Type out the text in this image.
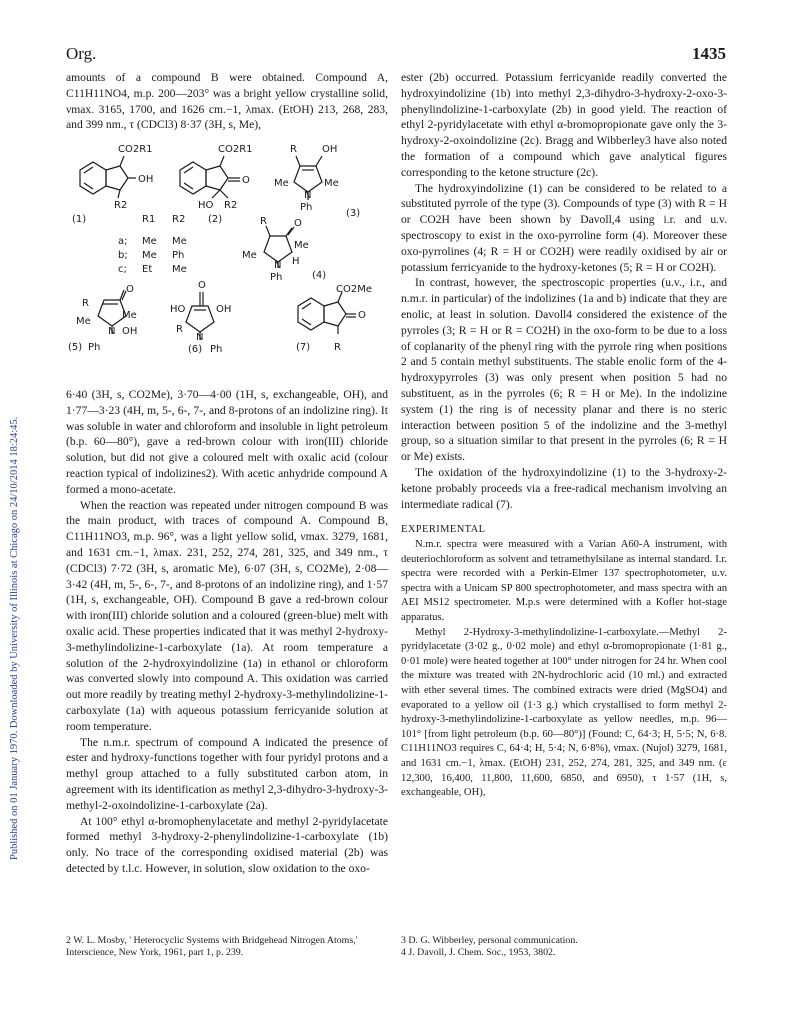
Org.	1435
Published on 01 January 1970. Downloaded by University of Illinois at Chicago on 24/10/2014 18:24:45.

amounts of a compound B were obtained. Compound A, C11H11NO4, m.p. 200—203° was a bright yellow crystalline solid, νmax. 3165, 1700, and 1626 cm.−1, λmax. (EtOH) 213, 268, 283, and 399 nm., τ (CDCl3) 8·37 (3H, s, Me),

CO2R1
OH
R2
(1)
CO2R1
O
HO R2
(2)
R1 R2
a; Me Me
b; Me Ph
c; Et Me
R	OH
Me	Me
N
Ph
(3)
R	O
Me
Me
N H
Ph	(4)
CO2Me
R
O
Me
Me
N OH
(5) Ph
O
HO	OH
R
N
(6) Ph
O
(7) R

6·40 (3H, s, CO2Me), 3·70—4·00 (1H, s, exchangeable, OH), and 1·77—3·23 (4H, m, 5-, 6-, 7-, and 8-protons of an indolizine ring). It was soluble in water and chloroform and insoluble in light petroleum (b.p. 60—80°), gave a red-brown colour with iron(III) chloride solution, but did not give a coloured melt with oxalic acid (colour reaction typical of indolizines2). With acetic anhydride compound A formed a mono-acetate.

When the reaction was repeated under nitrogen compound B was the main product, with traces of compound A. Compound B, C11H11NO3, m.p. 96°, was a light yellow solid, νmax. 3279, 1681, and 1631 cm.−1, λmax. 231, 252, 274, 281, 325, and 349 nm., τ (CDCl3) 7·72 (3H, s, aromatic Me), 6·07 (3H, s, CO2Me), 2·08—3·42 (4H, m, 5-, 6-, 7-, and 8-protons of an indolizine ring), and 1·57 (1H, s, exchangeable, OH). Compound B gave a red-brown colour with iron(III) chloride solution and a coloured (green-blue) melt with oxalic acid. These properties indicated that it was methyl 2-hydroxy-3-methylindolizine-1-carboxylate (1a). At room temperature a solution of the 2-hydroxyindolizine (1a) in ethanol or chloroform was converted slowly into compound A. This oxidation was carried out more readily by treating methyl 2-hydroxy-3-methylindolizine-1-carboxylate (1a) with aqueous potassium ferricyanide solution at room temperature.

The n.m.r. spectrum of compound A indicated the presence of ester and hydroxy-functions together with four pyridyl protons and a methyl group attached to a fully substituted carbon atom, in agreement with its identification as methyl 2,3-dihydro-3-hydroxy-3-methyl-2-oxoindolizine-1-carboxylate (2a).

At 100° ethyl α-bromophenylacetate and methyl 2-pyridylacetate formed methyl 3-hydroxy-2-phenylindolizine-1-carboxylate (1b) only. No trace of the corresponding oxidised material (2b) was detected by t.l.c. However, in solution, slow oxidation to the oxo-

ester (2b) occurred. Potassium ferricyanide readily converted the hydroxyindolizine (1b) into methyl 2,3-dihydro-3-hydroxy-2-oxo-3-phenylindolizine-1-carboxylate (2b) in good yield. The reaction of ethyl 2-pyridylacetate with ethyl α-bromopropionate gave only the 3-hydroxy-2-oxoindolizine (2c). Bragg and Wibberley3 have also noted the formation of a compound which gave analytical figures corresponding to the ketone structure (2c).

The hydroxyindolizine (1) can be considered to be related to a substituted pyrrole of the type (3). Compounds of type (3) with R = H or CO2H have been shown by Davoll,4 using i.r. and u.v. spectroscopy to exist in the oxo-pyrroline form (4). Moreover these oxo-pyrrolines (4; R = H or CO2H) were readily oxidised by air or potassium ferricyanide to the hydroxy-ketones (5; R = H or CO2H).

In contrast, however, the spectroscopic properties (u.v., i.r., and n.m.r. in particular) of the indolizines (1a and b) indicate that they are enolic, at least in solution. Davoll4 considered the existence of the pyrroles (3; R = H or R = CO2H) in the oxo-form to be due to a loss of coplanarity of the phenyl ring with the pyrrole ring when positions 2 and 5 contain methyl substituents. The stable enolic form of the 4-hydroxypyrroles (3) was only present when position 5 had no substituent, as in the pyrroles (6; R = H or Me). In the indolizine system (1) the ring is of necessity planar and there is no steric interaction between position 5 of the indolizine and the 3-methyl group, so a situation similar to that present in the pyrroles (6; R = H or Me) exists.

The oxidation of the hydroxyindolizine (1) to the 3-hydroxy-2-ketone probably proceeds via a free-radical mechanism involving an intermediate radical (7).

EXPERIMENTAL

N.m.r. spectra were measured with a Varian A60-A instrument, with deuteriochloroform as solvent and tetramethylsilane as internal standard. I.r. spectra were recorded with a Perkin-Elmer 137 spectrophotometer, u.v. spectra with a Unicam SP 800 spectrophotometer, and mass spectra with an AEI MS12 spectrometer. M.p.s were determined with a Kofler hot-stage apparatus.

Methyl 2-Hydroxy-3-methylindolizine-1-carboxylate.—Methyl 2-pyridylacetate (3·02 g., 0·02 mole) and ethyl α-bromopropionate (1·81 g., 0·01 mole) were heated together at 100° under nitrogen for 24 hr. When cool the mixture was treated with 2N-hydrochloric acid (10 ml.) and extracted with ether several times. The combined extracts were dried (MgSO4) and evaporated to a yellow oil (1·3 g.) which crystallised to form methyl 2-hydroxy-3-methylindolizine-1-carboxylate as yellow needles, m.p. 96—101° [from light petroleum (b.p. 60—80°)] (Found: C, 64·3; H, 5·5; N, 6·8. C11H11NO3 requires C, 64·4; H, 5·4; N, 6·8%), νmax. (Nujol) 3279, 1681, and 1631 cm.−1, λmax. (EtOH) 231, 252, 274, 281, 325, and 349 nm. (ε 12,300, 16,400, 11,800, 11,600, 6850, and 6950), τ 1·57 (1H, s, exchangeable, OH),

2 W. L. Mosby, ' Heterocyclic Systems with Bridgehead Nitrogen Atoms,' Interscience, New York, 1961, part 1, p. 239.

3 D. G. Wibberley, personal communication.

4 J. Davoll, J. Chem. Soc., 1953, 3802.
